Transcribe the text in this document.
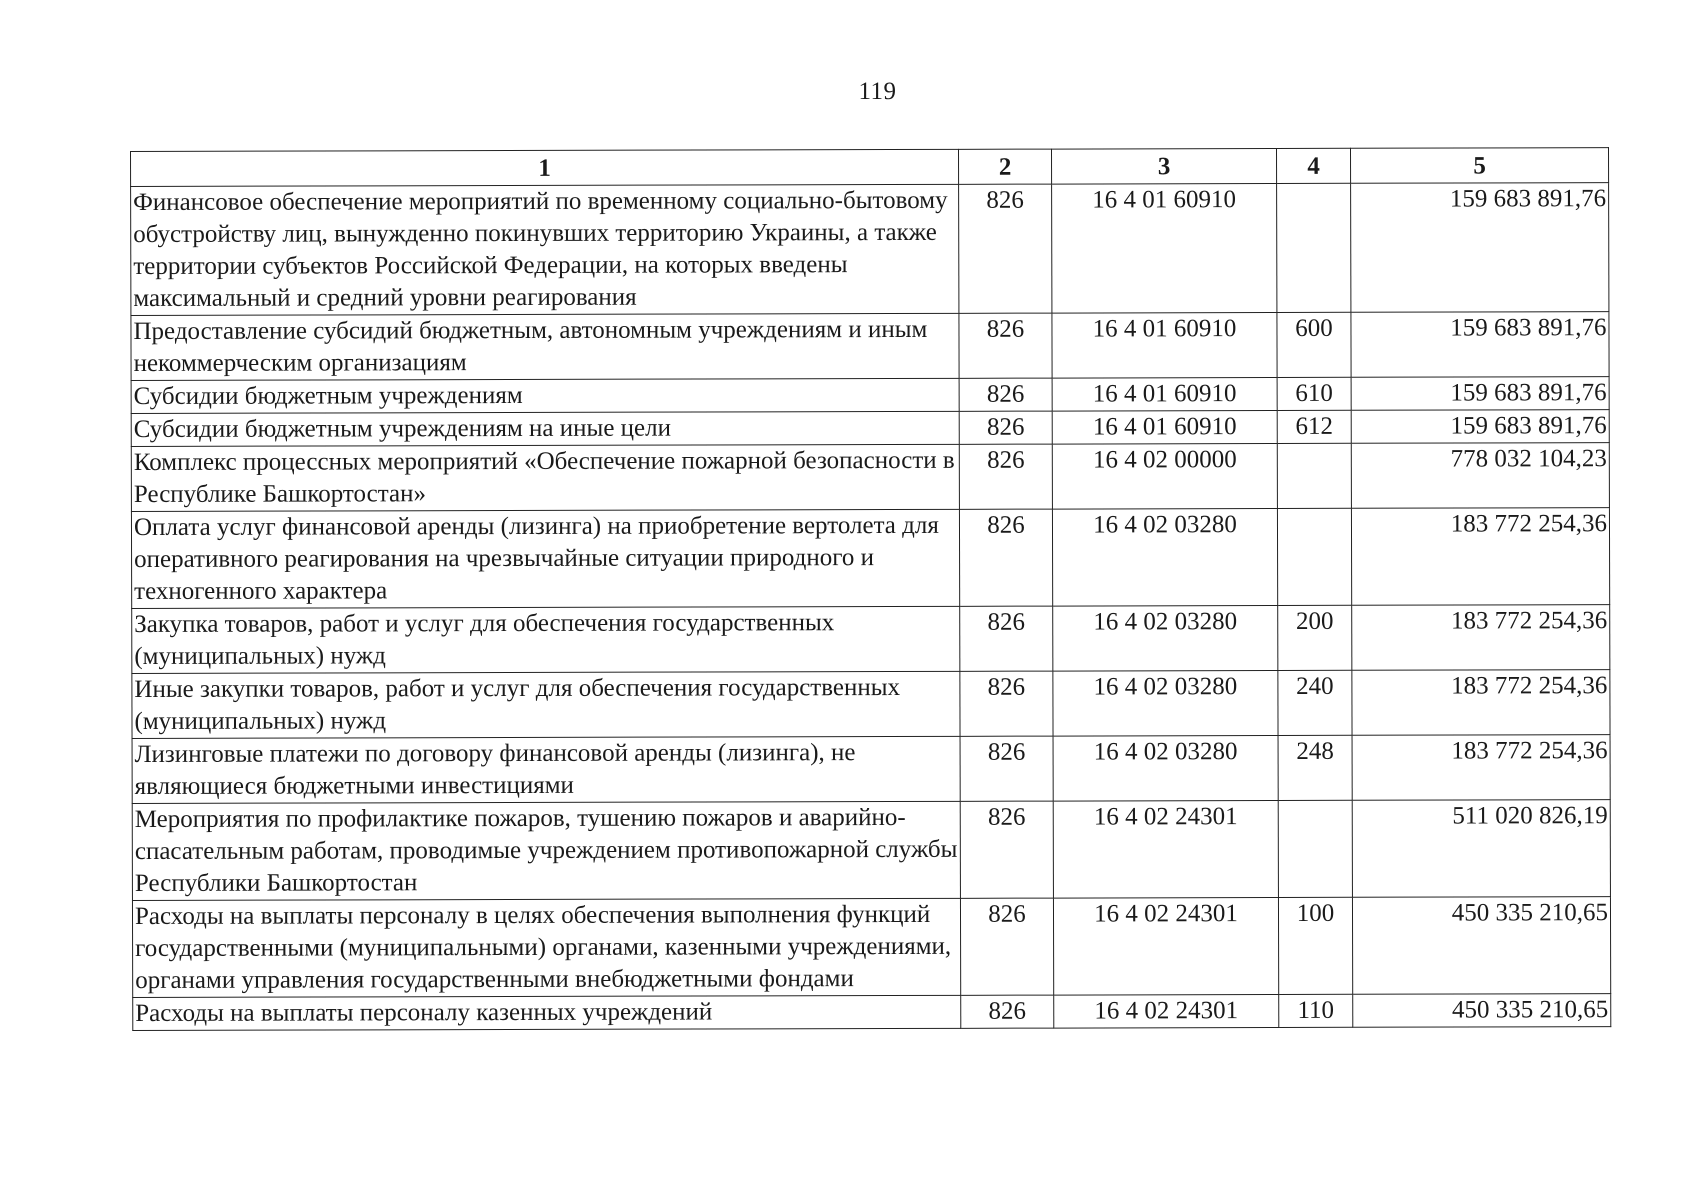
119
1	2	3	4	5
Финансовое обеспечение мероприятий по временному социально-бытовому обустройству лиц, вынужденно покинувших территорию Украины, а также территории субъектов Российской Федерации, на которых введены максимальный и средний уровни реагирования	826	16 4 01 60910		159 683 891,76
Предоставление субсидий бюджетным, автономным учреждениям и иным некоммерческим организациям	826	16 4 01 60910	600	159 683 891,76
Субсидии бюджетным учреждениям	826	16 4 01 60910	610	159 683 891,76
Субсидии бюджетным учреждениям на иные цели	826	16 4 01 60910	612	159 683 891,76
Комплекс процессных мероприятий «Обеспечение пожарной безопасности в Республике Башкортостан»	826	16 4 02 00000		778 032 104,23
Оплата услуг финансовой аренды (лизинга) на приобретение вертолета для оперативного реагирования на чрезвычайные ситуации природного и техногенного характера	826	16 4 02 03280		183 772 254,36
Закупка товаров, работ и услуг для обеспечения государственных (муниципальных) нужд	826	16 4 02 03280	200	183 772 254,36
Иные закупки товаров, работ и услуг для обеспечения государственных (муниципальных) нужд	826	16 4 02 03280	240	183 772 254,36
Лизинговые платежи по договору финансовой аренды (лизинга), не являющиеся бюджетными инвестициями	826	16 4 02 03280	248	183 772 254,36
Мероприятия по профилактике пожаров, тушению пожаров и аварийно-спасательным работам, проводимые учреждением противопожарной службы Республики Башкортостан	826	16 4 02 24301		511 020 826,19
Расходы на выплаты персоналу в целях обеспечения выполнения функций государственными (муниципальными) органами, казенными учреждениями, органами управления государственными внебюджетными фондами	826	16 4 02 24301	100	450 335 210,65
Расходы на выплаты персоналу казенных учреждений	826	16 4 02 24301	110	450 335 210,65
